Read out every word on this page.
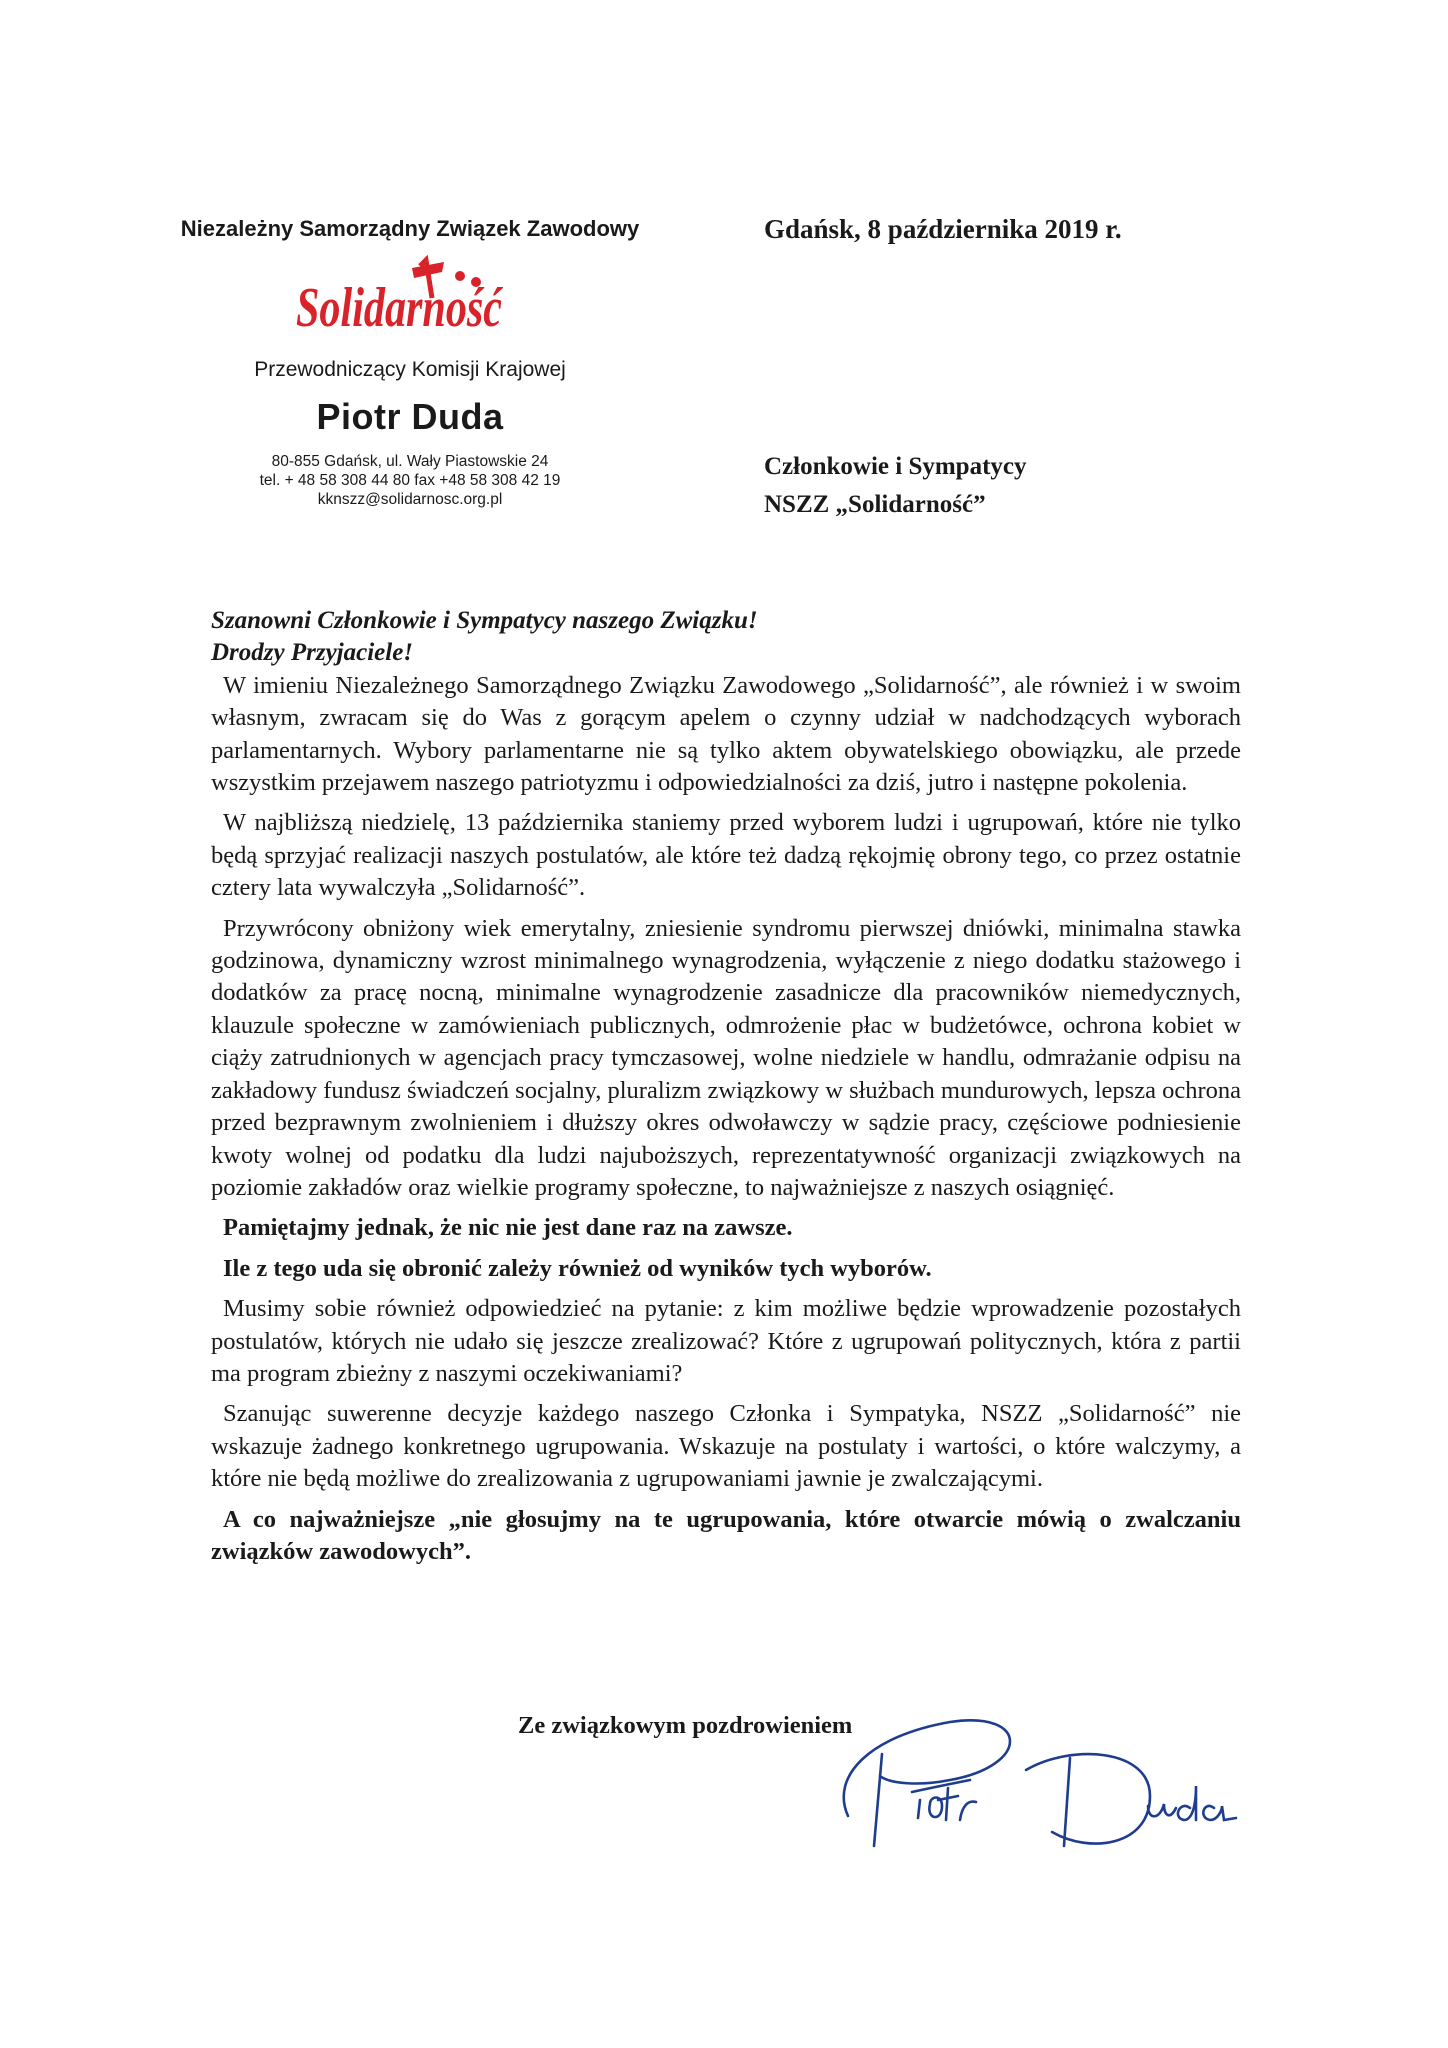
Niezależny Samorządny Związek Zawodowy
Solidarność
Przewodniczący Komisji Krajowej
Piotr Duda
80-855 Gdańsk, ul. Wały Piastowskie 24
tel. + 48 58 308 44 80 fax +48 58 308 42 19
kknszz@solidarnosc.org.pl
Gdańsk, 8 października 2019 r.
Członkowie i Sympatycy
NSZZ „Solidarność”

Szanowni Członkowie i Sympatycy naszego Związku!

Drodzy Przyjaciele!

W imieniu Niezależnego Samorządnego Związku Zawodowego „Solidarność”, ale również i w swoim własnym, zwracam się do Was z gorącym apelem o czynny udział w nadchodzących wyborach parlamentarnych. Wybory parlamentarne nie są tylko aktem obywatelskiego obowiązku, ale przede wszystkim przejawem naszego patriotyzmu i odpowiedzialności za dziś, jutro i następne pokolenia.

W najbliższą niedzielę, 13 października staniemy przed wyborem ludzi i ugrupowań, które nie tylko będą sprzyjać realizacji naszych postulatów, ale które też dadzą rękojmię obrony tego, co przez ostatnie cztery lata wywalczyła „Solidarność”.

Przywrócony obniżony wiek emerytalny, zniesienie syndromu pierwszej dniówki, minimalna stawka godzinowa, dynamiczny wzrost minimalnego wynagrodzenia, wyłączenie z niego dodatku stażowego i dodatków za pracę nocną, minimalne wynagrodzenie zasadnicze dla pracowników niemedycznych, klauzule społeczne w zamówieniach publicznych, odmrożenie płac w budżetówce, ochrona kobiet w ciąży zatrudnionych w agencjach pracy tymczasowej, wolne niedziele w handlu, odmrażanie odpisu na zakładowy fundusz świadczeń socjalny, pluralizm związkowy w służbach mundurowych, lepsza ochrona przed bezprawnym zwolnieniem i dłuższy okres odwoławczy w sądzie pracy, częściowe podniesienie kwoty wolnej od podatku dla ludzi najuboższych, reprezentatywność organizacji związkowych na poziomie zakładów oraz wielkie programy społeczne, to najważniejsze z naszych osiągnięć.

Pamiętajmy jednak, że nic nie jest dane raz na zawsze.

Ile z tego uda się obronić zależy również od wyników tych wyborów.

Musimy sobie również odpowiedzieć na pytanie: z kim możliwe będzie wprowadzenie pozostałych postulatów, których nie udało się jeszcze zrealizować? Które z ugrupowań politycznych, która z partii ma program zbieżny z naszymi oczekiwaniami?

Szanując suwerenne decyzje każdego naszego Członka i Sympatyka, NSZZ „Solidarność” nie wskazuje żadnego konkretnego ugrupowania. Wskazuje na postulaty i wartości, o które walczymy, a które nie będą możliwe do zrealizowania z ugrupowaniami jawnie je zwalczającymi.

A co najważniejsze „nie głosujmy na te ugrupowania, które otwarcie mówią o zwalczaniu związków zawodowych”.

Ze związkowym pozdrowieniem
